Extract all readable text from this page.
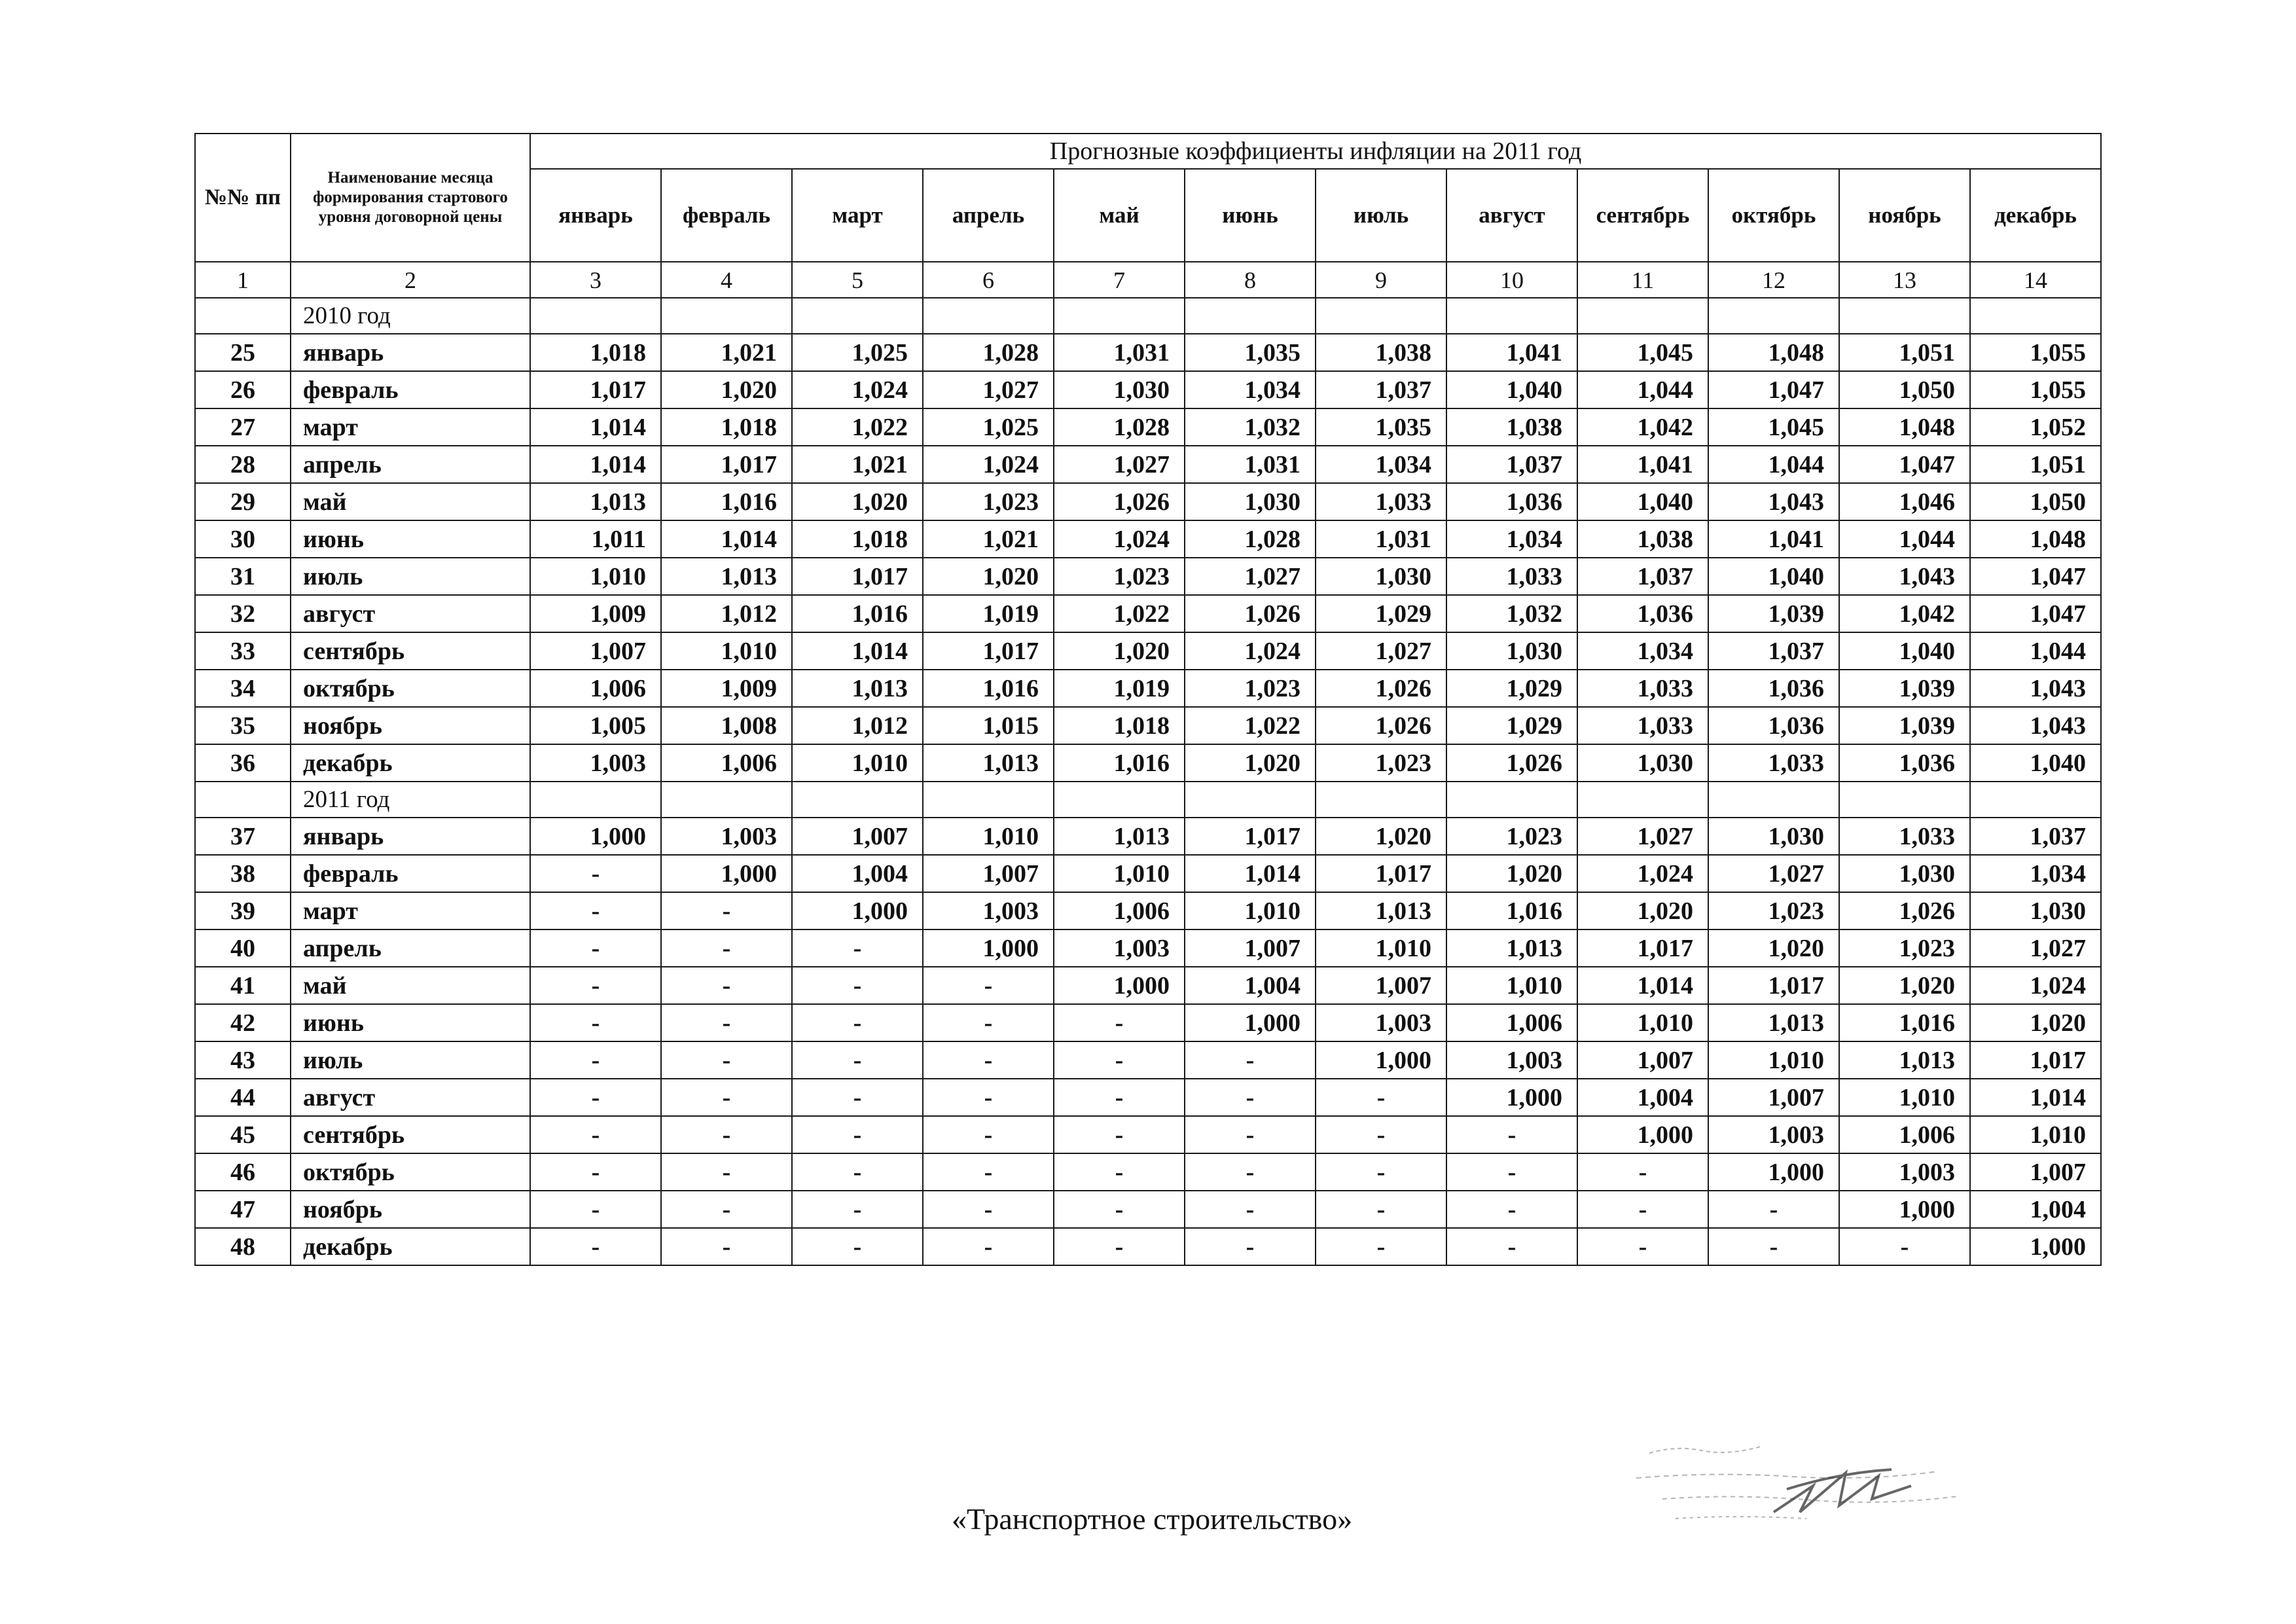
№№ пп	Наименование месяца формирования стартового уровня договорной цены	Прогнозные коэффициенты инфляции на 2011 год											
		январь	февраль	март	апрель	май	июнь	июль	август	сентябрь	октябрь	ноябрь	декабрь
1	2	3	4	5	6	7	8	9	10	11	12	13	14
	2010 год												
25	январь	1,018	1,021	1,025	1,028	1,031	1,035	1,038	1,041	1,045	1,048	1,051	1,055
26	февраль	1,017	1,020	1,024	1,027	1,030	1,034	1,037	1,040	1,044	1,047	1,050	1,055
27	март	1,014	1,018	1,022	1,025	1,028	1,032	1,035	1,038	1,042	1,045	1,048	1,052
28	апрель	1,014	1,017	1,021	1,024	1,027	1,031	1,034	1,037	1,041	1,044	1,047	1,051
29	май	1,013	1,016	1,020	1,023	1,026	1,030	1,033	1,036	1,040	1,043	1,046	1,050
30	июнь	1,011	1,014	1,018	1,021	1,024	1,028	1,031	1,034	1,038	1,041	1,044	1,048
31	июль	1,010	1,013	1,017	1,020	1,023	1,027	1,030	1,033	1,037	1,040	1,043	1,047
32	август	1,009	1,012	1,016	1,019	1,022	1,026	1,029	1,032	1,036	1,039	1,042	1,047
33	сентябрь	1,007	1,010	1,014	1,017	1,020	1,024	1,027	1,030	1,034	1,037	1,040	1,044
34	октябрь	1,006	1,009	1,013	1,016	1,019	1,023	1,026	1,029	1,033	1,036	1,039	1,043
35	ноябрь	1,005	1,008	1,012	1,015	1,018	1,022	1,026	1,029	1,033	1,036	1,039	1,043
36	декабрь	1,003	1,006	1,010	1,013	1,016	1,020	1,023	1,026	1,030	1,033	1,036	1,040
	2011 год												
37	январь	1,000	1,003	1,007	1,010	1,013	1,017	1,020	1,023	1,027	1,030	1,033	1,037
38	февраль	-	1,000	1,004	1,007	1,010	1,014	1,017	1,020	1,024	1,027	1,030	1,034
39	март	-	-	1,000	1,003	1,006	1,010	1,013	1,016	1,020	1,023	1,026	1,030
40	апрель	-	-	-	1,000	1,003	1,007	1,010	1,013	1,017	1,020	1,023	1,027
41	май	-	-	-	-	1,000	1,004	1,007	1,010	1,014	1,017	1,020	1,024
42	июнь	-	-	-	-	-	1,000	1,003	1,006	1,010	1,013	1,016	1,020
43	июль	-	-	-	-	-	-	1,000	1,003	1,007	1,010	1,013	1,017
44	август	-	-	-	-	-	-	-	1,000	1,004	1,007	1,010	1,014
45	сентябрь	-	-	-	-	-	-	-	-	1,000	1,003	1,006	1,010
46	октябрь	-	-	-	-	-	-	-	-	-	1,000	1,003	1,007
47	ноябрь	-	-	-	-	-	-	-	-	-	-	1,000	1,004
48	декабрь	-	-	-	-	-	-	-	-	-	-	-	1,000
«Транспортное строительство»
